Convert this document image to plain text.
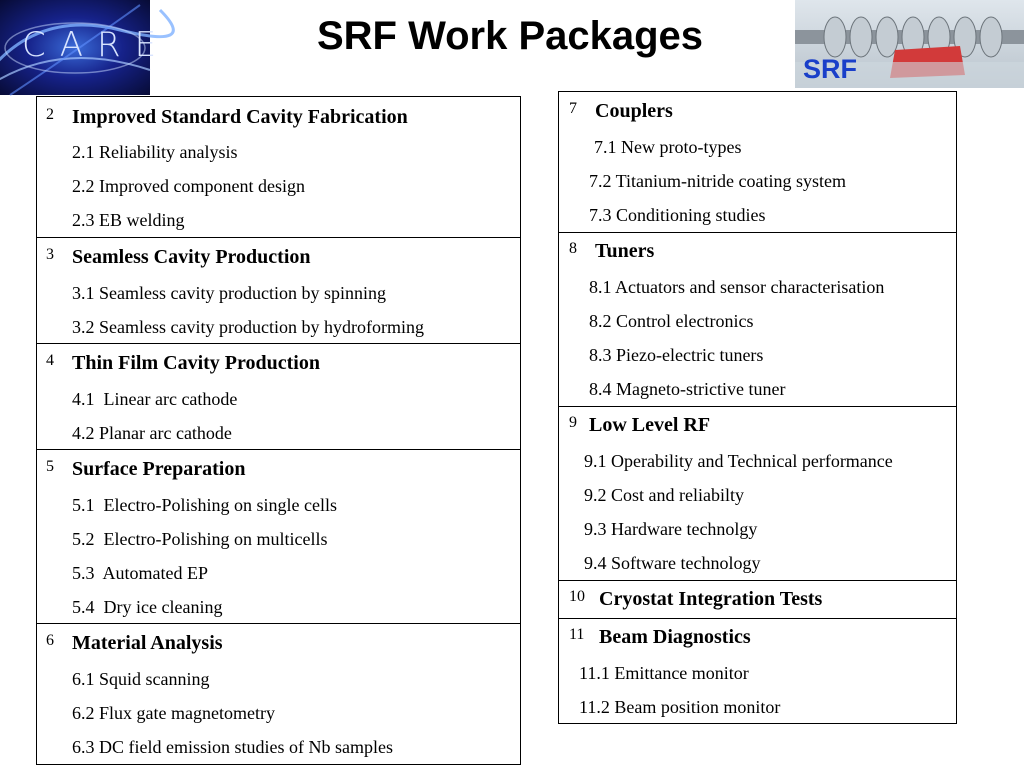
CARE	SRF Work Packages
SRF
2 Improved Standard Cavity Fabrication
2.1 Reliability analysis
2.2 Improved component design
2.3 EB welding
3 Seamless Cavity Production
3.1 Seamless cavity production by spinning
3.2 Seamless cavity production by hydroforming
4 Thin Film Cavity Production
4.1  Linear arc cathode
4.2 Planar arc cathode
5 Surface Preparation
5.1  Electro-Polishing on single cells
5.2  Electro-Polishing on multicells
5.3  Automated EP
5.4  Dry ice cleaning
6 Material Analysis
6.1 Squid scanning
6.2 Flux gate magnetometry
6.3 DC field emission studies of Nb samples
7 Couplers
7.1 New proto-types
7.2 Titanium-nitride coating system
7.3 Conditioning studies
8 Tuners
8.1 Actuators and sensor characterisation
8.2 Control electronics
8.3 Piezo-electric tuners
8.4 Magneto-strictive tuner
9 Low Level RF
9.1 Operability and Technical performance
9.2 Cost and reliabilty
9.3 Hardware technolgy
9.4 Software technology
10 Cryostat Integration Tests
11 Beam Diagnostics
11.1 Emittance monitor
11.2 Beam position monitor
